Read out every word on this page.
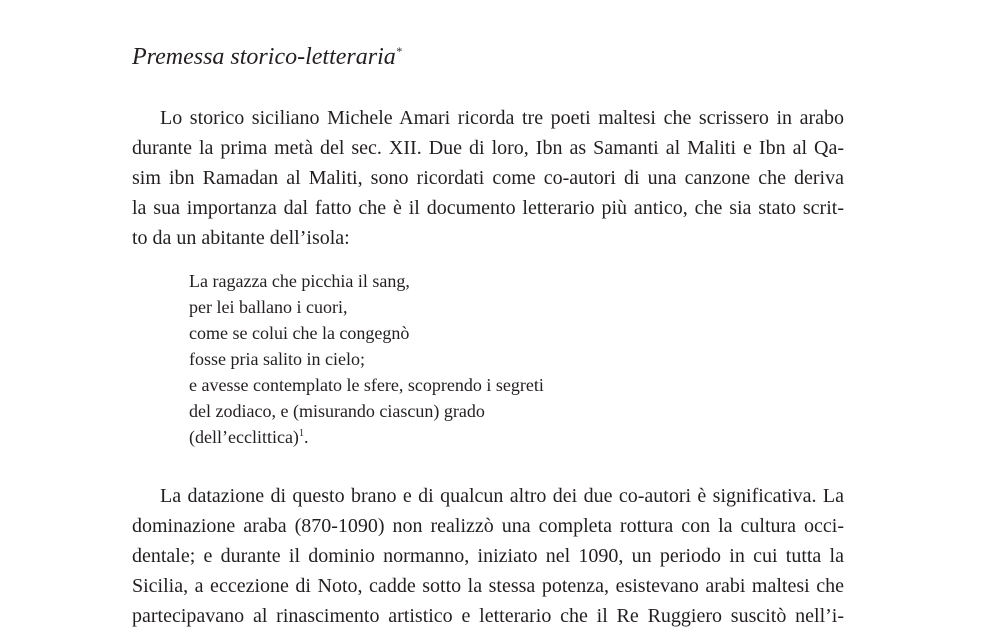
Premessa storico-letteraria*
Lo storico siciliano Michele Amari ricorda tre poeti maltesi che scrissero in arabo
durante la prima metà del sec. XII. Due di loro, Ibn as Samanti al Maliti e Ibn al Qa-
sim ibn Ramadan al Maliti, sono ricordati come co-autori di una canzone che deriva
la sua importanza dal fatto che è il documento letterario più antico, che sia stato scrit-
to da un abitante dell’isola:
La ragazza che picchia il sang,
per lei ballano i cuori,
come se colui che la congegnò
fosse pria salito in cielo;
e avesse contemplato le sfere, scoprendo i segreti
del zodiaco, e (misurando ciascun) grado
(dell’ecclittica)$^1$.
La datazione di questo brano e di qualcun altro dei due co-autori è significativa. La
dominazione araba (870-1090) non realizzò una completa rottura con la cultura occi-
dentale; e durante il dominio normanno, iniziato nel 1090, un periodo in cui tutta la
Sicilia, a eccezione di Noto, cadde sotto la stessa potenza, esistevano arabi maltesi che
partecipavano al rinascimento artistico e letterario che il Re Ruggiero suscitò nell’i-
